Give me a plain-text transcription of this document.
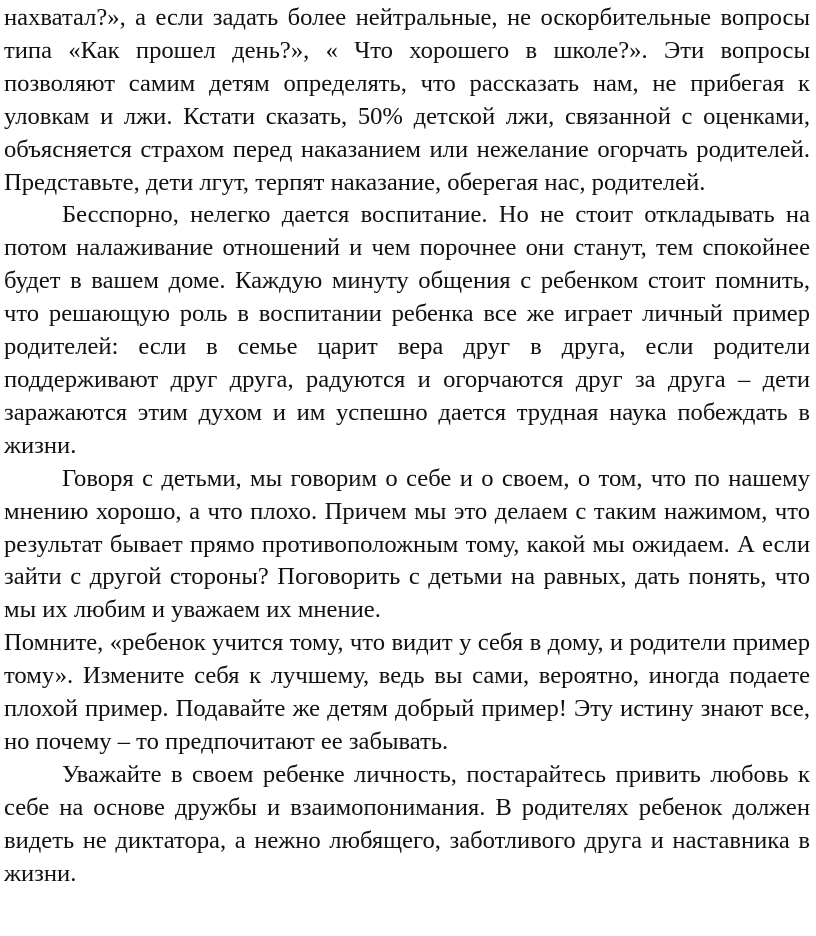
нахватал?», а если задать более нейтральные, не оскорбительные вопросы типа «Как прошел день?», « Что хорошего в школе?». Эти вопросы позволяют самим детям определять, что рассказать нам, не прибегая к уловкам и лжи. Кстати сказать, 50% детской лжи, связанной с оценками, объясняется страхом перед наказанием или нежелание огорчать родителей. Представьте, дети лгут, терпят наказание, оберегая нас, родителей.

Бесспорно, нелегко дается воспитание. Но не стоит откладывать на потом налаживание отношений и чем порочнее они станут, тем спокойнее будет в вашем доме. Каждую минуту общения с ребенком стоит помнить, что решающую роль в воспитании ребенка все же играет личный пример родителей: если в семье царит вера друг в друга, если родители поддерживают друг друга, радуются и огорчаются друг за друга – дети заражаются этим духом и им успешно дается трудная наука побеждать в жизни.

Говоря с детьми, мы говорим о себе и о своем, о том, что по нашему мнению хорошо, а что плохо. Причем мы это делаем с таким нажимом, что результат бывает прямо противоположным тому, какой мы ожидаем. А если зайти с другой стороны? Поговорить с детьми на равных, дать понять, что мы их любим и уважаем их мнение.

Помните, «ребенок учится тому, что видит у себя в дому, и родители пример тому». Измените себя к лучшему, ведь вы сами, вероятно, иногда подаете плохой пример. Подавайте же детям добрый пример! Эту истину знают все, но почему – то предпочитают ее забывать.

Уважайте в своем ребенке личность, постарайтесь привить любовь к себе на основе дружбы и взаимопонимания. В родителях ребенок должен видеть не диктатора, а нежно любящего, заботливого друга и наставника в жизни.
